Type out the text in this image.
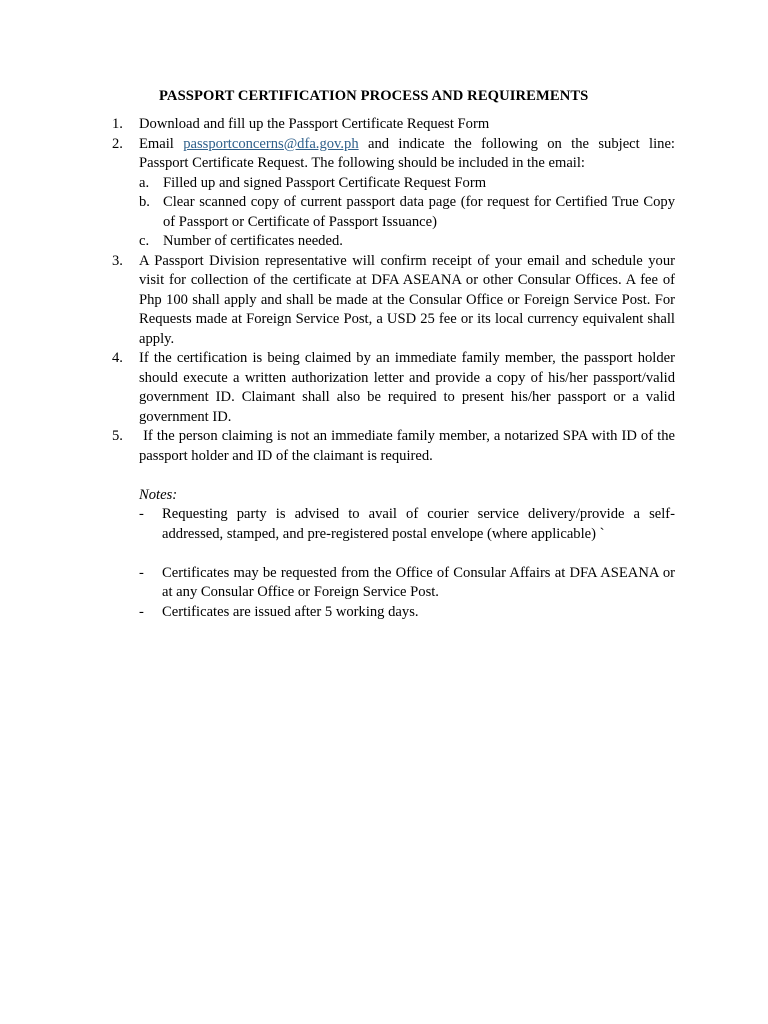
PASSPORT CERTIFICATION PROCESS AND REQUIREMENTS
1.	Download and fill up the Passport Certificate Request Form
2.	Email passportconcerns@dfa.gov.ph and indicate the following on the subject line: Passport Certificate Request. The following should be included in the email:
a. Filled up and signed Passport Certificate Request Form
b. Clear scanned copy of current passport data page (for request for Certified True Copy of Passport or Certificate of Passport Issuance)
c. Number of certificates needed.
3.	A Passport Division representative will confirm receipt of your email and schedule your visit for collection of the certificate at DFA ASEANA or other Consular Offices. A fee of Php 100 shall apply and shall be made at the Consular Office or Foreign Service Post. For Requests made at Foreign Service Post, a USD 25 fee or its local currency equivalent shall apply.
4.	If the certification is being claimed by an immediate family member, the passport holder should execute a written authorization letter and provide a copy of his/her passport/valid government ID. Claimant shall also be required to present his/her passport or a valid government ID.
5.	If the person claiming is not an immediate family member, a notarized SPA with ID of the passport holder and ID of the claimant is required.
Notes:
-	Requesting party is advised to avail of courier service delivery/provide a self-addressed, stamped, and pre-registered postal envelope (where applicable) `
-	Certificates may be requested from the Office of Consular Affairs at DFA ASEANA or at any Consular Office or Foreign Service Post.
-	Certificates are issued after 5 working days.
